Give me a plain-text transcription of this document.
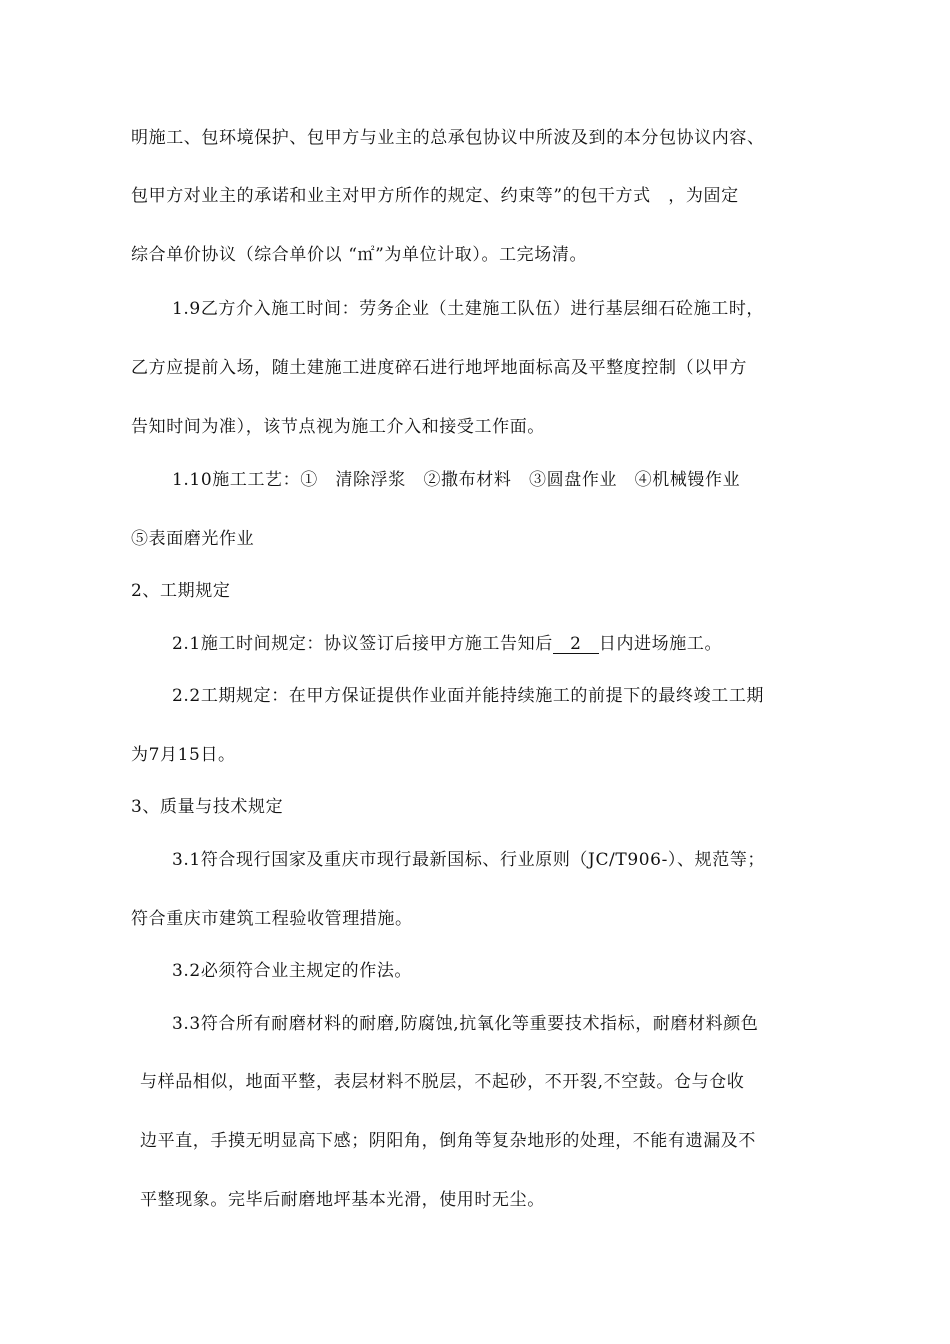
明施工、包环境保护、包甲方与业主的总承包协议中所波及到的本分包协议内容、
包甲方对业主的承诺和业主对甲方所作的规定、约束等”的包干方式　，为固定
综合单价协议（综合单价以 “㎡”为单位计取）。工完场清。
1.9乙方介入施工时间：劳务企业（土建施工队伍）进行基层细石砼施工时，
乙方应提前入场，随土建施工进度碎石进行地坪地面标高及平整度控制（以甲方
告知时间为准），该节点视为施工介入和接受工作面。
1.10施工工艺：①　清除浮浆　②撒布材料　③圆盘作业　④机械镘作业
⑤表面磨光作业
2、工期规定
2.1施工时间规定：协议签订后接甲方施工告知后 2 日内进场施工。
2.2工期规定：在甲方保证提供作业面并能持续施工的前提下的最终竣工工期
为7月15日。
3、质量与技术规定
3.1符合现行国家及重庆市现行最新国标、行业原则（JC/T906-）、规范等；
符合重庆市建筑工程验收管理措施。
3.2必须符合业主规定的作法。
3.3符合所有耐磨材料的耐磨,防腐蚀,抗氧化等重要技术指标，耐磨材料颜色
与样品相似，地面平整，表层材料不脱层，不起砂，不开裂,不空鼓。仓与仓收
边平直，手摸无明显高下感；阴阳角，倒角等复杂地形的处理，不能有遗漏及不
平整现象。完毕后耐磨地坪基本光滑，使用时无尘。
